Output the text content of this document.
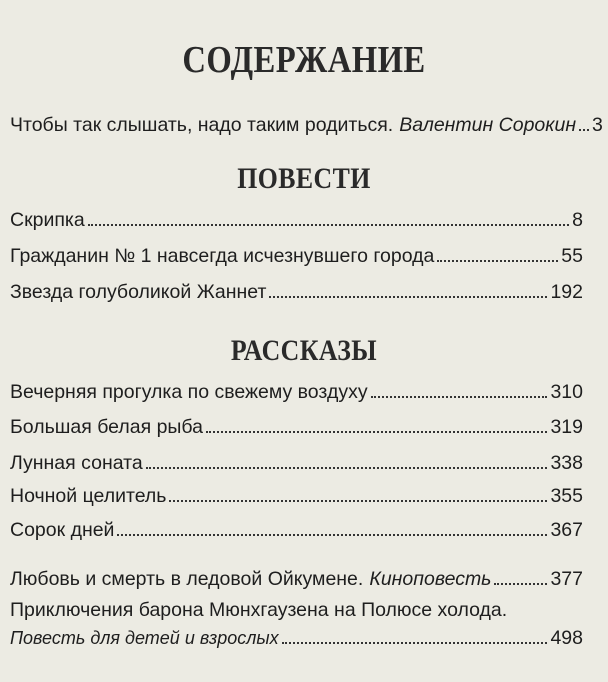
СОДЕРЖАНИЕ
Чтобы так слышать, надо таким родиться. Валентин Сорокин 3
ПОВЕСТИ
Скрипка	8
Гражданин № 1 навсегда исчезнувшего города	55
Звезда голуболикой Жаннет	192
РАССКАЗЫ
Вечерняя прогулка по свежему воздуху	310
Большая белая рыба	319
Лунная соната	338
Ночной целитель	355
Сорок дней	367
Любовь и смерть в ледовой Ойкумене. Киноповесть	377
Приключения барона Мюнхгаузена на Полюсе холода.
Повесть для детей и взрослых	498
